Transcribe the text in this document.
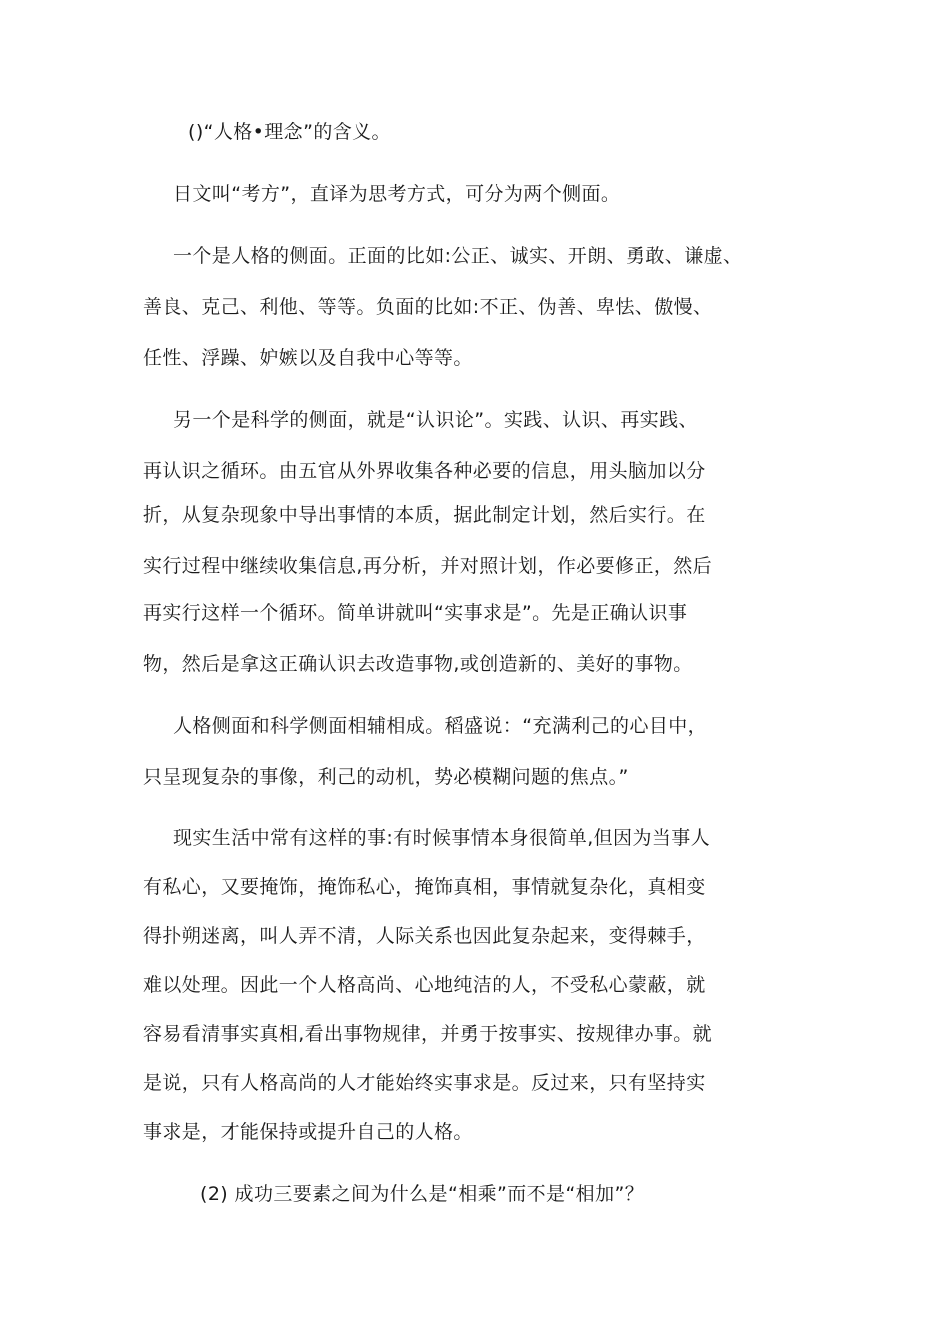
()“人格•理念”的含义。
日文叫“考方”，直译为思考方式，可分为两个侧面。
一个是人格的侧面。正面的比如:公正、诚实、开朗、勇敢、谦虚、
善良、克己、利他、等等。负面的比如:不正、伪善、卑怯、傲慢、
任性、浮躁、妒嫉以及自我中心等等。
另一个是科学的侧面，就是“认识论”。实践、认识、再实践、
再认识之循环。由五官从外界收集各种必要的信息，用头脑加以分
折，从复杂现象中导出事情的本质，据此制定计划，然后实行。在
实行过程中继续收集信息,再分析，并对照计划，作必要修正，然后
再实行这样一个循环。简单讲就叫“实事求是”。先是正确认识事
物，然后是拿这正确认识去改造事物,或创造新的、美好的事物。
人格侧面和科学侧面相辅相成。稻盛说：“充满利己的心目中，
只呈现复杂的事像，利己的动机，势必模糊问题的焦点。”
现实生活中常有这样的事:有时候事情本身很简单,但因为当事人
有私心，又要掩饰，掩饰私心，掩饰真相，事情就复杂化，真相变
得扑朔迷离，叫人弄不清，人际关系也因此复杂起来，变得棘手，
难以处理。因此一个人格高尚、心地纯洁的人，不受私心蒙蔽，就
容易看清事实真相,看出事物规律，并勇于按事实、按规律办事。就
是说，只有人格高尚的人才能始终实事求是。反过来，只有坚持实
事求是，才能保持或提升自己的人格。
(2) 成功三要素之间为什么是“相乘”而不是“相加”？
